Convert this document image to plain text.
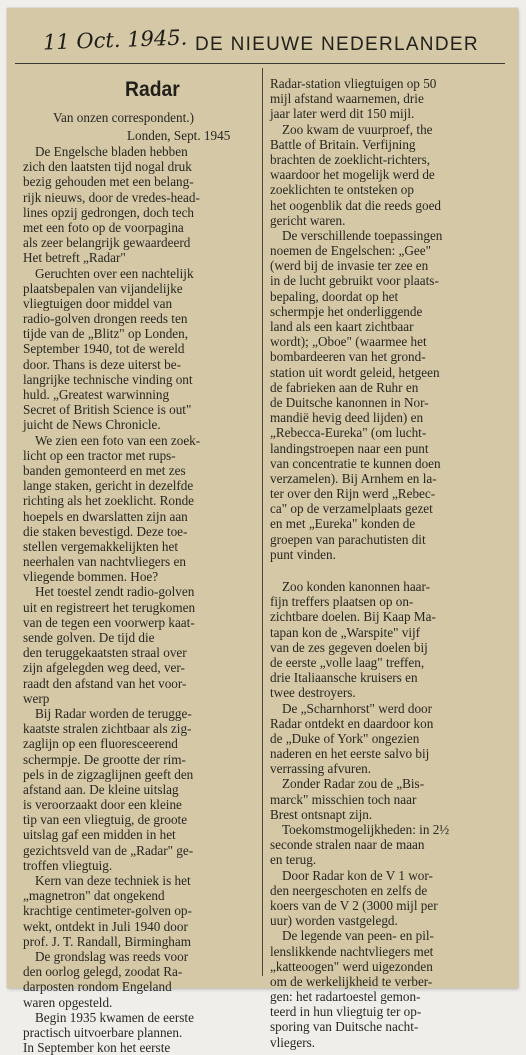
11 Oct. 1945. DE NIEUWE NEDERLANDER
Radar
Van onzen correspondent.)
Londen, Sept. 1945
De Engelsche bladen hebben
zich den laatsten tijd nogal druk
bezig gehouden met een belang-
rijk nieuws, door de vredes-head-
lines opzij gedrongen, doch tech
met een foto op de voorpagina
als zeer belangrijk gewaardeerd
Het betreft „Radar"
Geruchten over een nachtelijk
plaatsbepalen van vijandelijke
vliegtuigen door middel van
radio-golven drongen reeds ten
tijde van de „Blitz" op Londen,
September 1940, tot de wereld
door. Thans is deze uiterst be-
langrijke technische vinding ont
huld. „Greatest warwinning
Secret of British Science is out"
juicht de News Chronicle.
We zien een foto van een zoek-
licht op een tractor met rups-
banden gemonteerd en met zes
lange staken, gericht in dezelfde
richting als het zoeklicht. Ronde
hoepels en dwarslatten zijn aan
die staken bevestigd. Deze toe-
stellen vergemakkelijkten het
neerhalen van nachtvliegers en
vliegende bommen. Hoe?
Het toestel zendt radio-golven
uit en registreert het terugkomen
van de tegen een voorwerp kaat-
sende golven. De tijd die
den teruggekaatsten straal over
zijn afgelegden weg deed, ver-
raadt den afstand van het voor-
werp
Bij Radar worden de terugge-
kaatste stralen zichtbaar als zig-
zaglijn op een fluoresceerend
schermpje. De grootte der rim-
pels in de zigzaglijnen geeft den
afstand aan. De kleine uitslag
is veroorzaakt door een kleine
tip van een vliegtuig, de groote
uitslag gaf een midden in het
gezichtsveld van de „Radar" ge-
troffen vliegtuig.
Kern van deze techniek is het
„magnetron" dat ongekend
krachtige centimeter-golven op-
wekt, ontdekt in Juli 1940 door
prof. J. T. Randall, Birmingham
De grondslag was reeds voor
den oorlog gelegd, zoodat Ra-
darposten rondom Engeland
waren opgesteld.
Begin 1935 kwamen de eerste
practisch uitvoerbare plannen.
In September kon het eerste
Radar-station vliegtuigen op 50
mijl afstand waarnemen, drie
jaar later werd dit 150 mijl.
Zoo kwam de vuurproef, the
Battle of Britain. Verfijning
brachten de zoeklicht-richters,
waardoor het mogelijk werd de
zoeklichten te ontsteken op
het oogenblik dat die reeds goed
gericht waren.
De verschillende toepassingen
noemen de Engelschen: „Gee"
(werd bij de invasie ter zee en
in de lucht gebruikt voor plaats-
bepaling, doordat op het
schermpje het onderliggende
land als een kaart zichtbaar
wordt); „Oboe" (waarmee het
bombardeeren van het grond-
station uit wordt geleid, hetgeen
de fabrieken aan de Ruhr en
de Duitsche kanonnen in Nor-
mandië hevig deed lijden) en
„Rebecca-Eureka" (om lucht-
landingstroepen naar een punt
van concentratie te kunnen doen
verzamelen). Bij Arnhem en la-
ter over den Rijn werd „Rebec-
ca" op de verzamelplaats gezet
en met „Eureka" konden de
groepen van parachutisten dit
punt vinden.
Zoo konden kanonnen haar-
fijn treffers plaatsen op on-
zichtbare doelen. Bij Kaap Ma-
tapan kon de „Warspite" vijf
van de zes gegeven doelen bij
de eerste „volle laag" treffen,
drie Italiaansche kruisers en
twee destroyers.
De „Scharnhorst" werd door
Radar ontdekt en daardoor kon
de „Duke of York" ongezien
naderen en het eerste salvo bij
verrassing afvuren.
Zonder Radar zou de „Bis-
marck" misschien toch naar
Brest ontsnapt zijn.
Toekomstmogelijkheden: in 2½
seconde stralen naar de maan
en terug.
Door Radar kon de V 1 wor-
den neergeschoten en zelfs de
koers van de V 2 (3000 mijl per
uur) worden vastgelegd.
De legende van peen- en pil-
lenslikkende nachtvliegers met
„katteoogen" werd uigezonden
om de werkelijkheid te verber-
gen: het radartoestel gemon-
teerd in hun vliegtuig ter op-
sporing van Duitsche nacht-
vliegers.
